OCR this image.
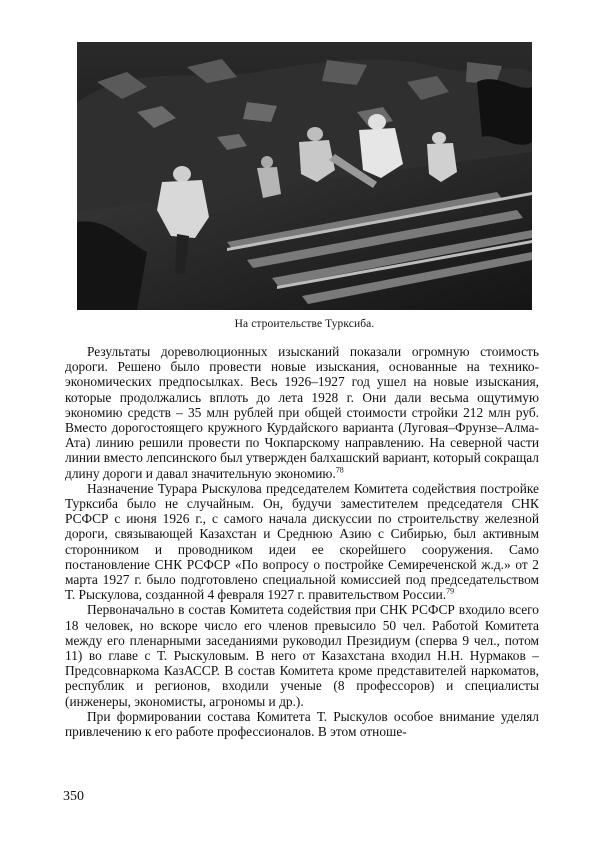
На строительстве Турксиба.

Результаты дореволюционных изысканий показали огромную стоимость дороги. Решено было провести новые изыскания, основанные на технико-экономических предпосылках. Весь 1926–1927 год ушел на новые изыскания, которые продолжались вплоть до лета 1928 г. Они дали весьма ощутимую экономию средств – 35 млн рублей при общей стоимости стройки 212 млн руб. Вместо дорогостоящего кружного Курдайского варианта (Луговая–Фрунзе–Алма-Ата) линию решили провести по Чокпарскому направлению. На северной части линии вместо лепсинского был утвержден балхашский вариант, который сокращал длину дороги и давал значительную экономию.$^{78}$

Назначение Турара Рыскулова председателем Комитета содействия постройке Турксиба было не случайным. Он, будучи заместителем председателя СНК РСФСР с июня 1926 г., с самого начала дискуссии по строительству железной дороги, связывающей Казахстан и Среднюю Азию с Сибирью, был активным сторонником и проводником идеи ее скорейшего сооружения. Само постановление СНК РСФСР «По вопросу о постройке Семиреченской ж.д.» от 2 марта 1927 г. было подготовлено специальной комиссией под председательством Т. Рыскулова, созданной 4 февраля 1927 г. правительством России.$^{79}$

Первоначально в состав Комитета содействия при СНК РСФСР входило всего 18 человек, но вскоре число его членов превысило 50 чел. Работой Комитета между его пленарными заседаниями руководил Президиум (сперва 9 чел., потом 11) во главе с Т. Рыскуловым. В него от Казахстана входил Н.Н. Нурмаков – Предсовнаркома КазАССР. В состав Комитета кроме представителей наркоматов, республик и регионов, входили ученые (8 профессоров) и специалисты (инженеры, экономисты, агрономы и др.).

При формировании состава Комитета Т. Рыскулов особое внимание уделял привлечению к его работе профессионалов. В этом отноше-

350
